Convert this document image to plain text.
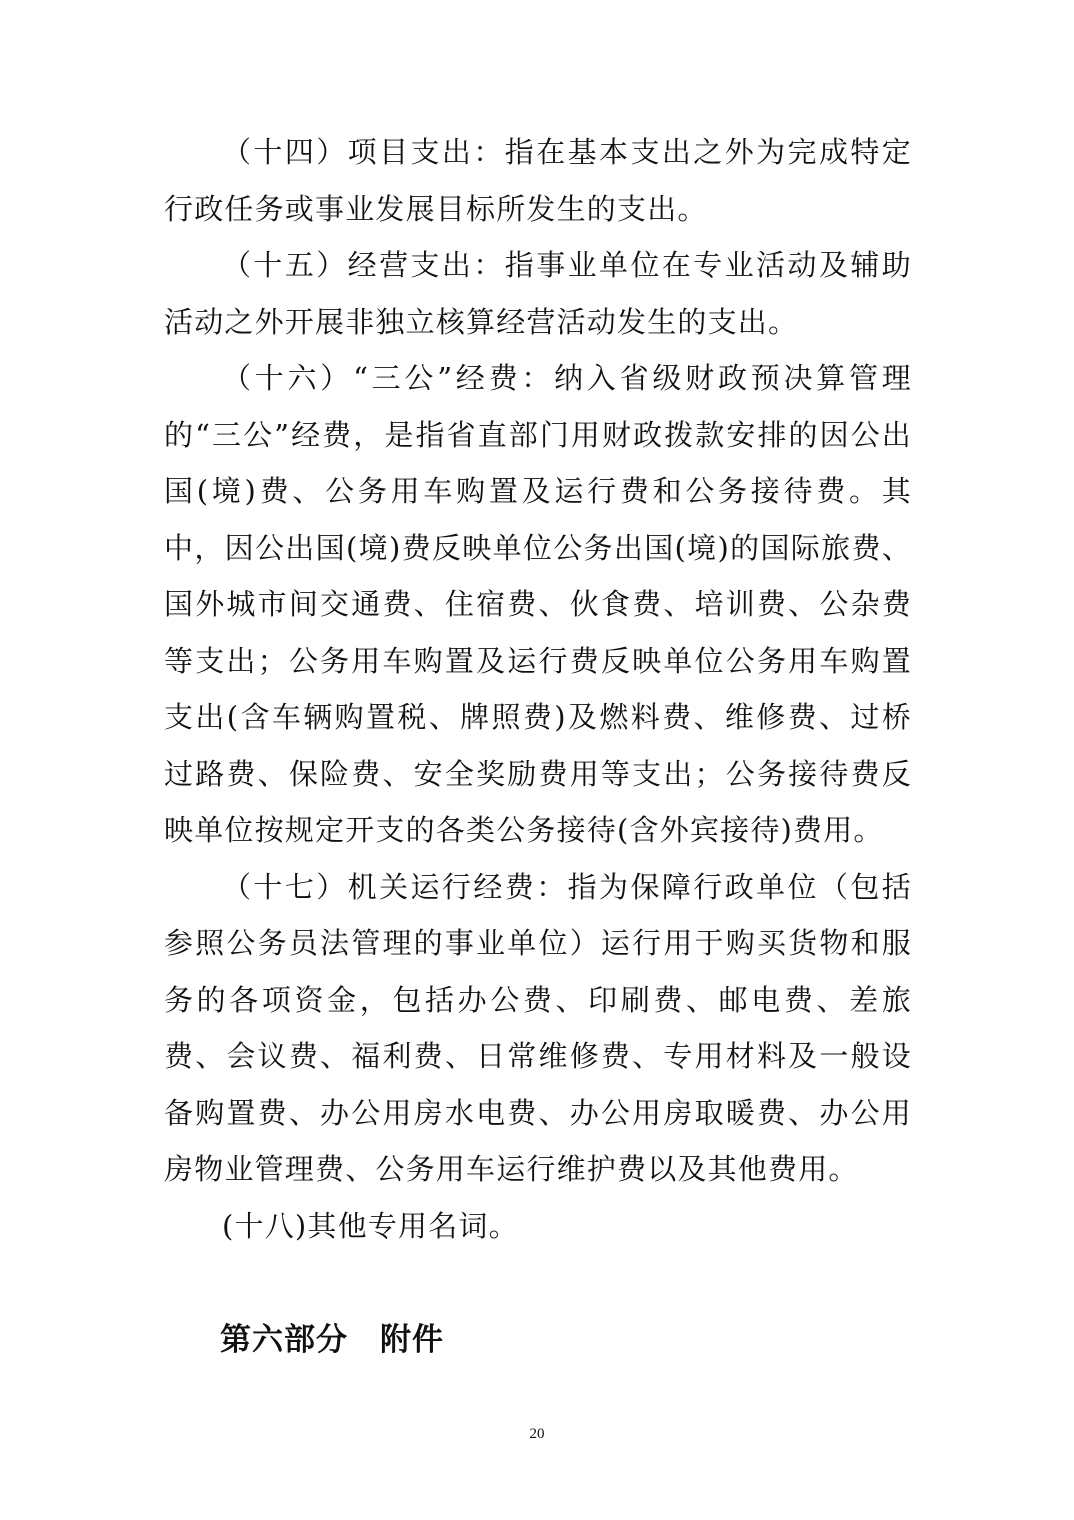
（十四）项目支出：指在基本支出之外为完成特定行政任务或事业发展目标所发生的支出。

（十五）经营支出：指事业单位在专业活动及辅助活动之外开展非独立核算经营活动发生的支出。

（十六）“三公”经费：纳入省级财政预决算管理的“三公”经费，是指省直部门用财政拨款安排的因公出国(境)费、公务用车购置及运行费和公务接待费。其中，因公出国(境)费反映单位公务出国(境)的国际旅费、国外城市间交通费、住宿费、伙食费、培训费、公杂费等支出；公务用车购置及运行费反映单位公务用车购置支出(含车辆购置税、牌照费)及燃料费、维修费、过桥过路费、保险费、安全奖励费用等支出；公务接待费反映单位按规定开支的各类公务接待(含外宾接待)费用。

（十七）机关运行经费：指为保障行政单位（包括参照公务员法管理的事业单位）运行用于购买货物和服务的各项资金，包括办公费、印刷费、邮电费、差旅费、会议费、福利费、日常维修费、专用材料及一般设备购置费、办公用房水电费、办公用房取暖费、办公用房物业管理费、公务用车运行维护费以及其他费用。

(十八)其他专用名词。

第六部分　附件
20
